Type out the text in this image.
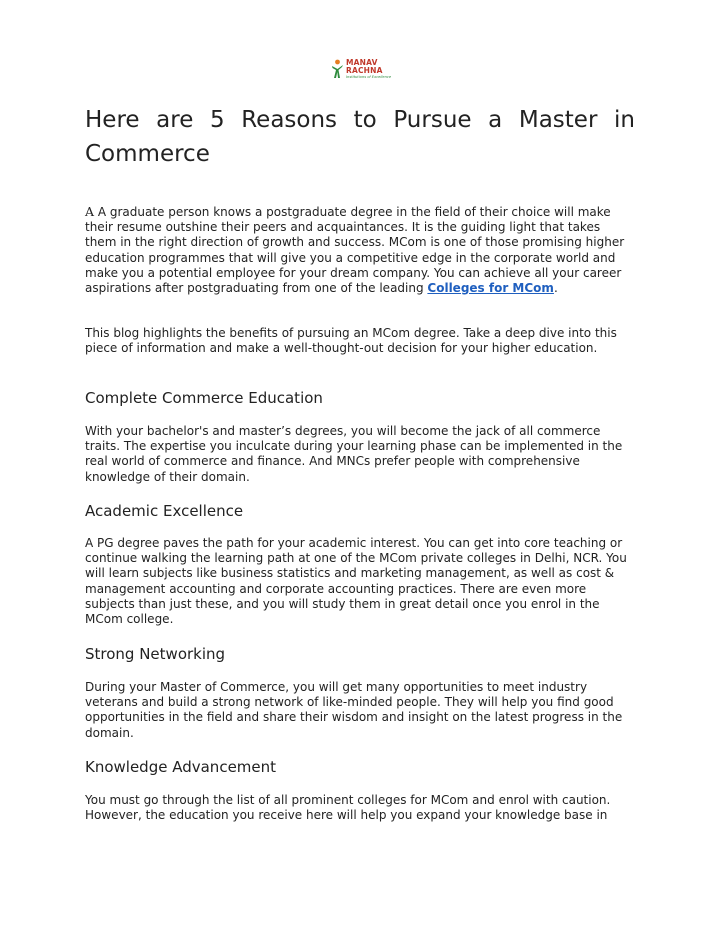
MANAV
RACHNA
Institutions of Excellence
Here are 5 Reasons to Pursue a Master in Commerce

A A graduate person knows a postgraduate degree in the field of their choice will make their resume outshine their peers and acquaintances. It is the guiding light that takes them in the right direction of growth and success. MCom is one of those promising higher education programmes that will give you a competitive edge in the corporate world and make you a potential employee for your dream company. You can achieve all your career aspirations after postgraduating from one of the leading Colleges for MCom.

This blog highlights the benefits of pursuing an MCom degree. Take a deep dive into this piece of information and make a well-thought-out decision for your higher education.

Complete Commerce Education

With your bachelor's and master’s degrees, you will become the jack of all commerce traits. The expertise you inculcate during your learning phase can be implemented in the real world of commerce and finance. And MNCs prefer people with comprehensive knowledge of their domain.

Academic Excellence

A PG degree paves the path for your academic interest. You can get into core teaching or continue walking the learning path at one of the MCom private colleges in Delhi, NCR. You will learn subjects like business statistics and marketing management, as well as cost & management accounting and corporate accounting practices. There are even more subjects than just these, and you will study them in great detail once you enrol in the MCom college.

Strong Networking

During your Master of Commerce, you will get many opportunities to meet industry veterans and build a strong network of like-minded people. They will help you find good opportunities in the field and share their wisdom and insight on the latest progress in the domain.

Knowledge Advancement

You must go through the list of all prominent colleges for MCom and enrol with caution. However, the education you receive here will help you expand your knowledge base in
